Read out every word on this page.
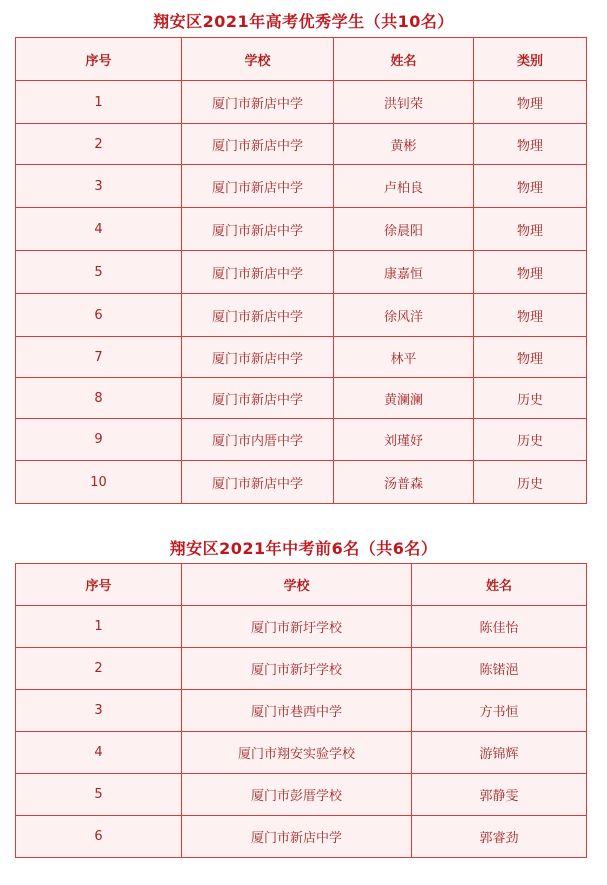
翔安区2021年高考优秀学生（共10名）
序号	学校	姓名	类别
1	厦门市新店中学	洪钊荣	物理
2	厦门市新店中学	黄彬	物理
3	厦门市新店中学	卢柏良	物理
4	厦门市新店中学	徐晨阳	物理
5	厦门市新店中学	康嘉恒	物理
6	厦门市新店中学	徐风洋	物理
7	厦门市新店中学	林平	物理
8	厦门市新店中学	黄澜澜	历史
9	厦门市内厝中学	刘瑾妤	历史
10	厦门市新店中学	汤普森	历史
翔安区2021年中考前6名（共6名）
序号	学校	姓名
1	厦门市新圩学校	陈佳怡
2	厦门市新圩学校	陈锘浥
3	厦门市巷西中学	方书恒
4	厦门市翔安实验学校	游锦辉
5	厦门市彭厝学校	郭静雯
6	厦门市新店中学	郭睿劲
